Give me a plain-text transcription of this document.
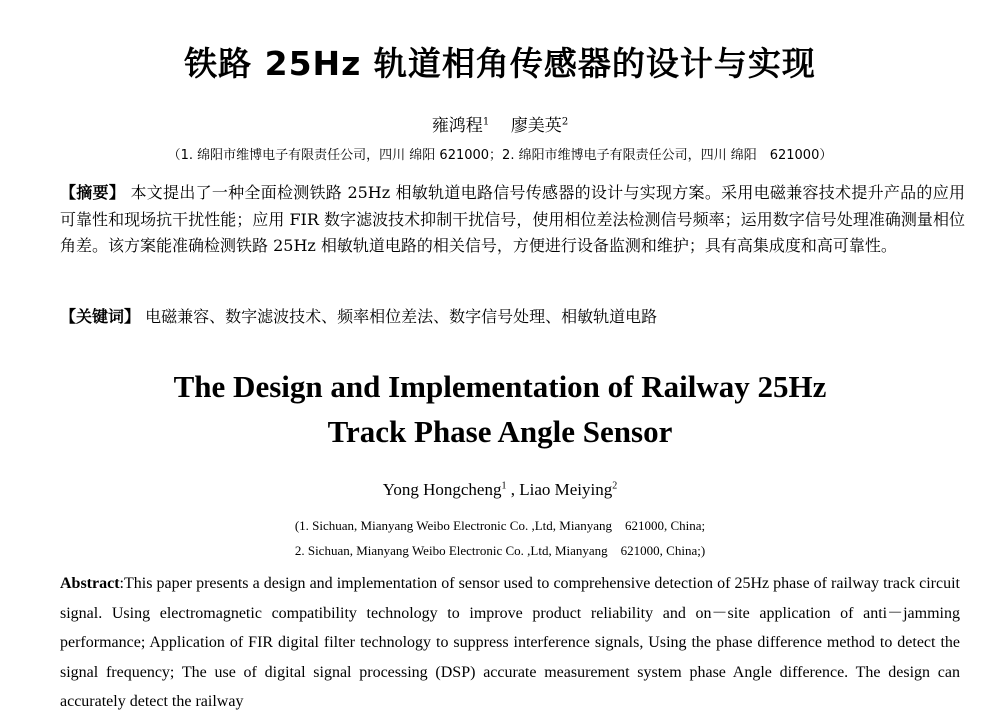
铁路 25Hz 轨道相角传感器的设计与实现
雍鸿程$^1$ 廖美英$^2$
（1. 绵阳市维博电子有限责任公司，四川 绵阳 621000；2. 绵阳市维博电子有限责任公司，四川 绵阳　621000）
【摘要】 本文提出了一种全面检测铁路 25Hz 相敏轨道电路信号传感器的设计与实现方案。采用电磁兼容技术提升产品的应用可靠性和现场抗干扰性能；应用 FIR 数字滤波技术抑制干扰信号，使用相位差法检测信号频率；运用数字信号处理准确测量相位角差。该方案能准确检测铁路 25Hz 相敏轨道电路的相关信号，方便进行设备监测和维护；具有高集成度和高可靠性。
【关键词】 电磁兼容、数字滤波技术、频率相位差法、数字信号处理、相敏轨道电路
The Design and Implementation of Railway 25Hz
Track Phase Angle Sensor
Yong Hongcheng$^1$ , Liao Meiying$^2$
(1. Sichuan, Mianyang Weibo Electronic Co. ,Ltd, Mianyang　621000, China;
2. Sichuan, Mianyang Weibo Electronic Co. ,Ltd, Mianyang　621000, China;)
Abstract:This paper presents a design and implementation of sensor used to comprehensive detection of 25Hz phase of railway track circuit signal. Using electromagnetic compatibility technology to improve product reliability and on－site application of anti－jamming performance; Application of FIR digital filter technology to suppress interference signals, Using the phase difference method to detect the signal frequency; The use of digital signal processing (DSP) accurate measurement system phase Angle difference. The design can accurately detect the railway
